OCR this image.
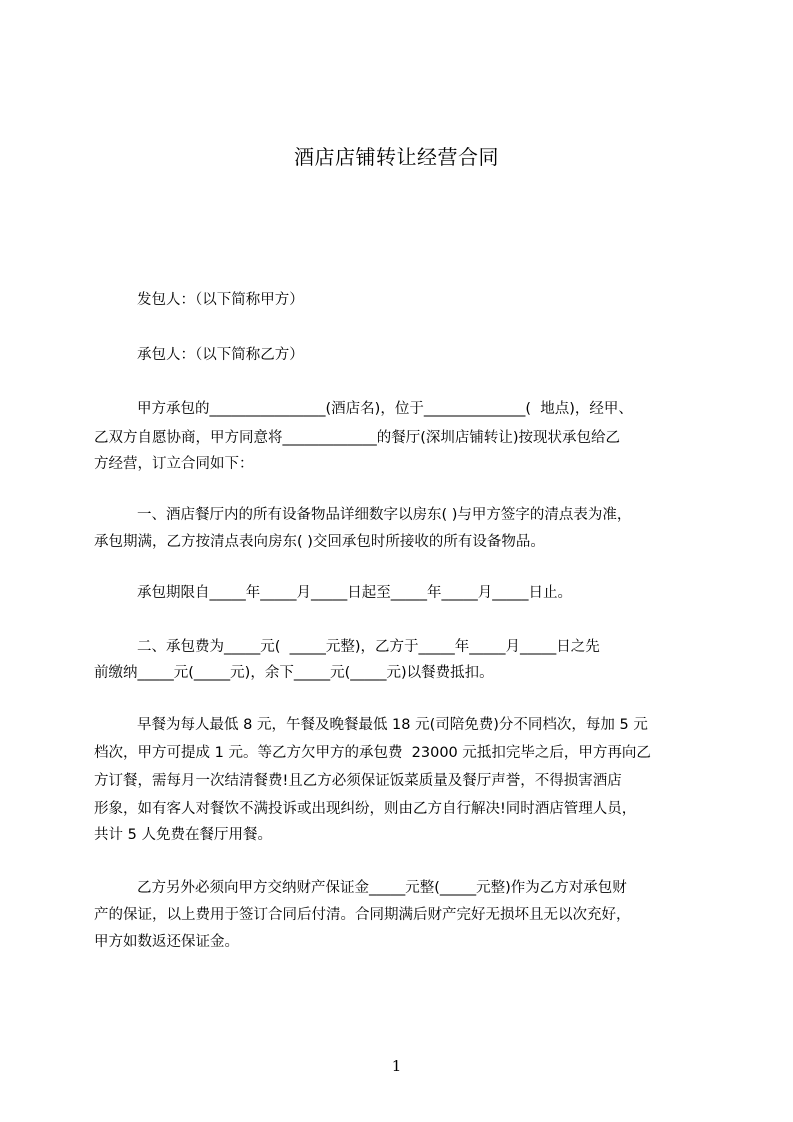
酒店店铺转让经营合同
发包人：（以下简称甲方）
承包人：（以下简称乙方）
甲方承包的________________(酒店名)，位于______________(  地点)，经甲、
乙双方自愿协商，甲方同意将_____________的餐厅(深圳店铺转让)按现状承包给乙
方经营，订立合同如下：
一、酒店餐厅内的所有设备物品详细数字以房东( )与甲方签字的清点表为准，
承包期满，乙方按清点表向房东( )交回承包时所接收的所有设备物品。
承包期限自_____年_____月_____日起至_____年_____月_____日止。
二、承包费为_____元(  _____元整)，乙方于_____年_____月_____日之先
前缴纳_____元(_____元)，余下_____元(_____元)以餐费抵扣。
早餐为每人最低 8 元，午餐及晚餐最低 18 元(司陪免费)分不同档次，每加 5 元
档次，甲方可提成 1 元。等乙方欠甲方的承包费  23000 元抵扣完毕之后，甲方再向乙
方订餐，需每月一次结清餐费!且乙方必须保证饭菜质量及餐厅声誉，不得损害酒店
形象，如有客人对餐饮不满投诉或出现纠纷，则由乙方自行解决!同时酒店管理人员，
共计 5 人免费在餐厅用餐。
乙方另外必须向甲方交纳财产保证金_____元整(_____元整)作为乙方对承包财
产的保证，以上费用于签订合同后付清。合同期满后财产完好无损坏且无以次充好，
甲方如数返还保证金。
1
